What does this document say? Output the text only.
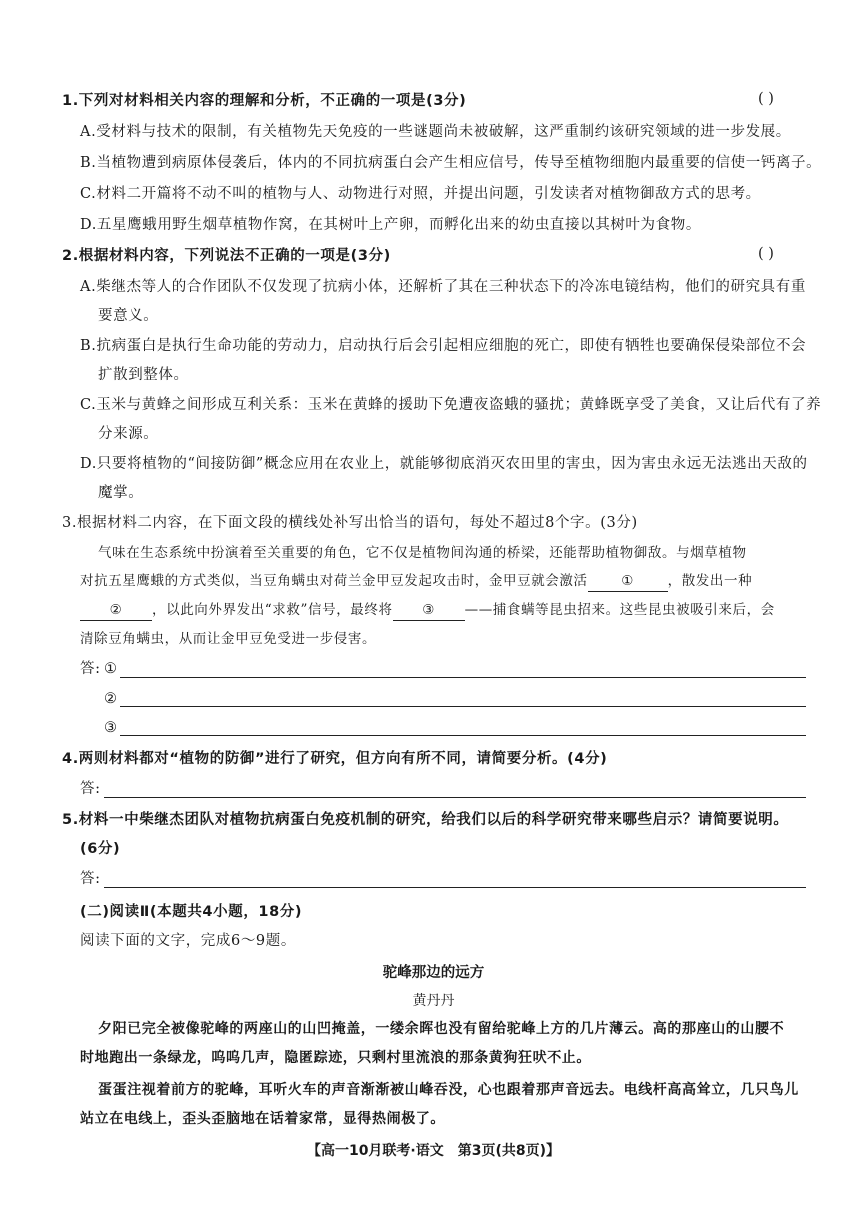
1.下列对材料相关内容的理解和分析，不正确的一项是(3分)	( )
A.受材料与技术的限制，有关植物先天免疫的一些谜题尚未被破解，这严重制约该研究领域的进一步发展。
B.当植物遭到病原体侵袭后，体内的不同抗病蛋白会产生相应信号，传导至植物细胞内最重要的信使一钙离子。
C.材料二开篇将不动不叫的植物与人、动物进行对照，并提出问题，引发读者对植物御敌方式的思考。
D.五星鹰蛾用野生烟草植物作窝，在其树叶上产卵，而孵化出来的幼虫直接以其树叶为食物。
2.根据材料内容，下列说法不正确的一项是(3分)	( )
A.柴继杰等人的合作团队不仅发现了抗病小体，还解析了其在三种状态下的冷冻电镜结构，他们的研究具有重
要意义。
B.抗病蛋白是执行生命功能的劳动力，启动执行后会引起相应细胞的死亡，即使有牺牲也要确保侵染部位不会
扩散到整体。
C.玉米与黄蜂之间形成互利关系：玉米在黄蜂的援助下免遭夜盗蛾的骚扰；黄蜂既享受了美食，又让后代有了养
分来源。
D.只要将植物的“间接防御”概念应用在农业上，就能够彻底消灭农田里的害虫，因为害虫永远无法逃出天敌的
魔掌。
3.根据材料二内容，在下面文段的横线处补写出恰当的语句，每处不超过8个字。(3分)
气味在生态系统中扮演着至关重要的角色，它不仅是植物间沟通的桥梁，还能帮助植物御敌。与烟草植物
对抗五星鹰蛾的方式类似，当豆角螨虫对荷兰金甲豆发起攻击时，金甲豆就会激活 ① ，散发出一种
② ，以此向外界发出“求救”信号，最终将 ③ ——捕食螨等昆虫招来。这些昆虫被吸引来后，会
清除豆角螨虫，从而让金甲豆免受进一步侵害。
答: ①
②
③
4.两则材料都对“植物的防御”进行了研究，但方向有所不同，请简要分析。(4分)
答:
5.材料一中柴继杰团队对植物抗病蛋白免疫机制的研究，给我们以后的科学研究带来哪些启示？请简要说明。
(6分)
答:
(二)阅读Ⅱ(本题共4小题，18分)
阅读下面的文字，完成6～9题。
驼峰那边的远方
黄丹丹
夕阳已完全被像驼峰的两座山的山凹掩盖，一缕余晖也没有留给驼峰上方的几片薄云。高的那座山的山腰不
时地跑出一条绿龙，呜呜几声，隐匿踪迹，只剩村里流浪的那条黄狗狂吠不止。
蛋蛋注视着前方的驼峰，耳听火车的声音渐渐被山峰吞没，心也跟着那声音远去。电线杆高高耸立，几只鸟儿
站立在电线上，歪头歪脑地在话着家常，显得热闹极了。
【高一10月联考·语文　第3页(共8页)】
